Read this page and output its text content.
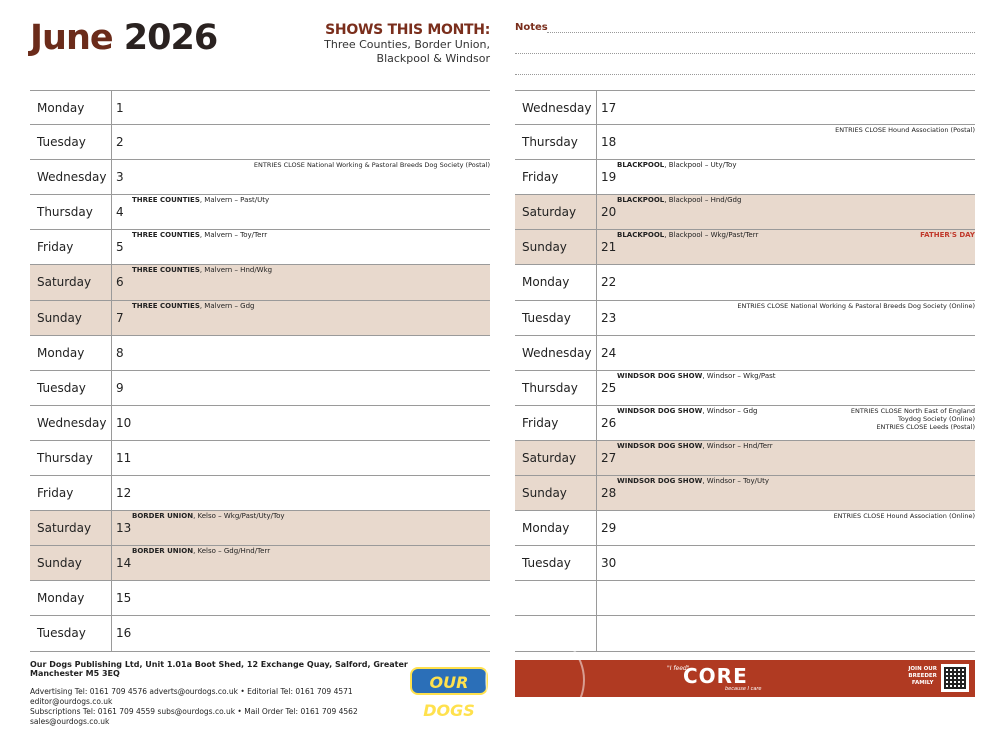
June 2026	SHOWS THIS MONTH:
Three Counties, Border Union,
Blackpool & Windsor
Notes
Monday	1
Tuesday	2
Wednesday 3
ENTRIES CLOSE National Working & Pastoral Breeds Dog Society (Postal)
Thursday 4
THREE COUNTIES, Malvern – Past/Uty
Friday	5
THREE COUNTIES, Malvern – Toy/Terr
Saturday 6
THREE COUNTIES, Malvern – Hnd/Wkg
Sunday	7
THREE COUNTIES, Malvern – Gdg
Monday	8
Tuesday	9
Wednesday 10
Thursday 11
Friday	12
Saturday 13
BORDER UNION, Kelso – Wkg/Past/Uty/Toy
Sunday	14
BORDER UNION, Kelso – Gdg/Hnd/Terr
Monday	15
Tuesday	16
Wednesday 17
Thursday 18
ENTRIES CLOSE Hound Association (Postal)
Friday	19
BLACKPOOL, Blackpool – Uty/Toy
Saturday 20
BLACKPOOL, Blackpool – Hnd/Gdg
Sunday	21
BLACKPOOL, Blackpool – Wkg/Past/Terr	FATHER'S DAY
Monday	22
Tuesday	23
ENTRIES CLOSE National Working & Pastoral Breeds Dog Society (Online)
Wednesday 24
Thursday 25
WINDSOR DOG SHOW, Windsor – Wkg/Past
Friday	26
WINDSOR DOG SHOW, Windsor – Gdg	ENTRIES CLOSE North East of England
Toydog Society (Online)
ENTRIES CLOSE Leeds (Postal)
Saturday 27
WINDSOR DOG SHOW, Windsor – Hnd/Terr
Sunday	28
WINDSOR DOG SHOW, Windsor – Toy/Uty
Monday	29
ENTRIES CLOSE Hound Association (Online)
Tuesday	30
Our Dogs Publishing Ltd, Unit 1.01a Boot Shed, 12 Exchange Quay, Salford, Greater Manchester M5 3EQ
Advertising Tel: 0161 709 4576 adverts@ourdogs.co.uk • Editorial Tel: 0161 709 4571 editor@ourdogs.co.uk
Subscriptions Tel: 0161 709 4559 subs@ourdogs.co.uk • Mail Order Tel: 0161 709 4562 sales@ourdogs.co.uk
OUR DOGS
"I feed"
CORE
because I care
JOIN OUR
BREEDER
FAMILY
